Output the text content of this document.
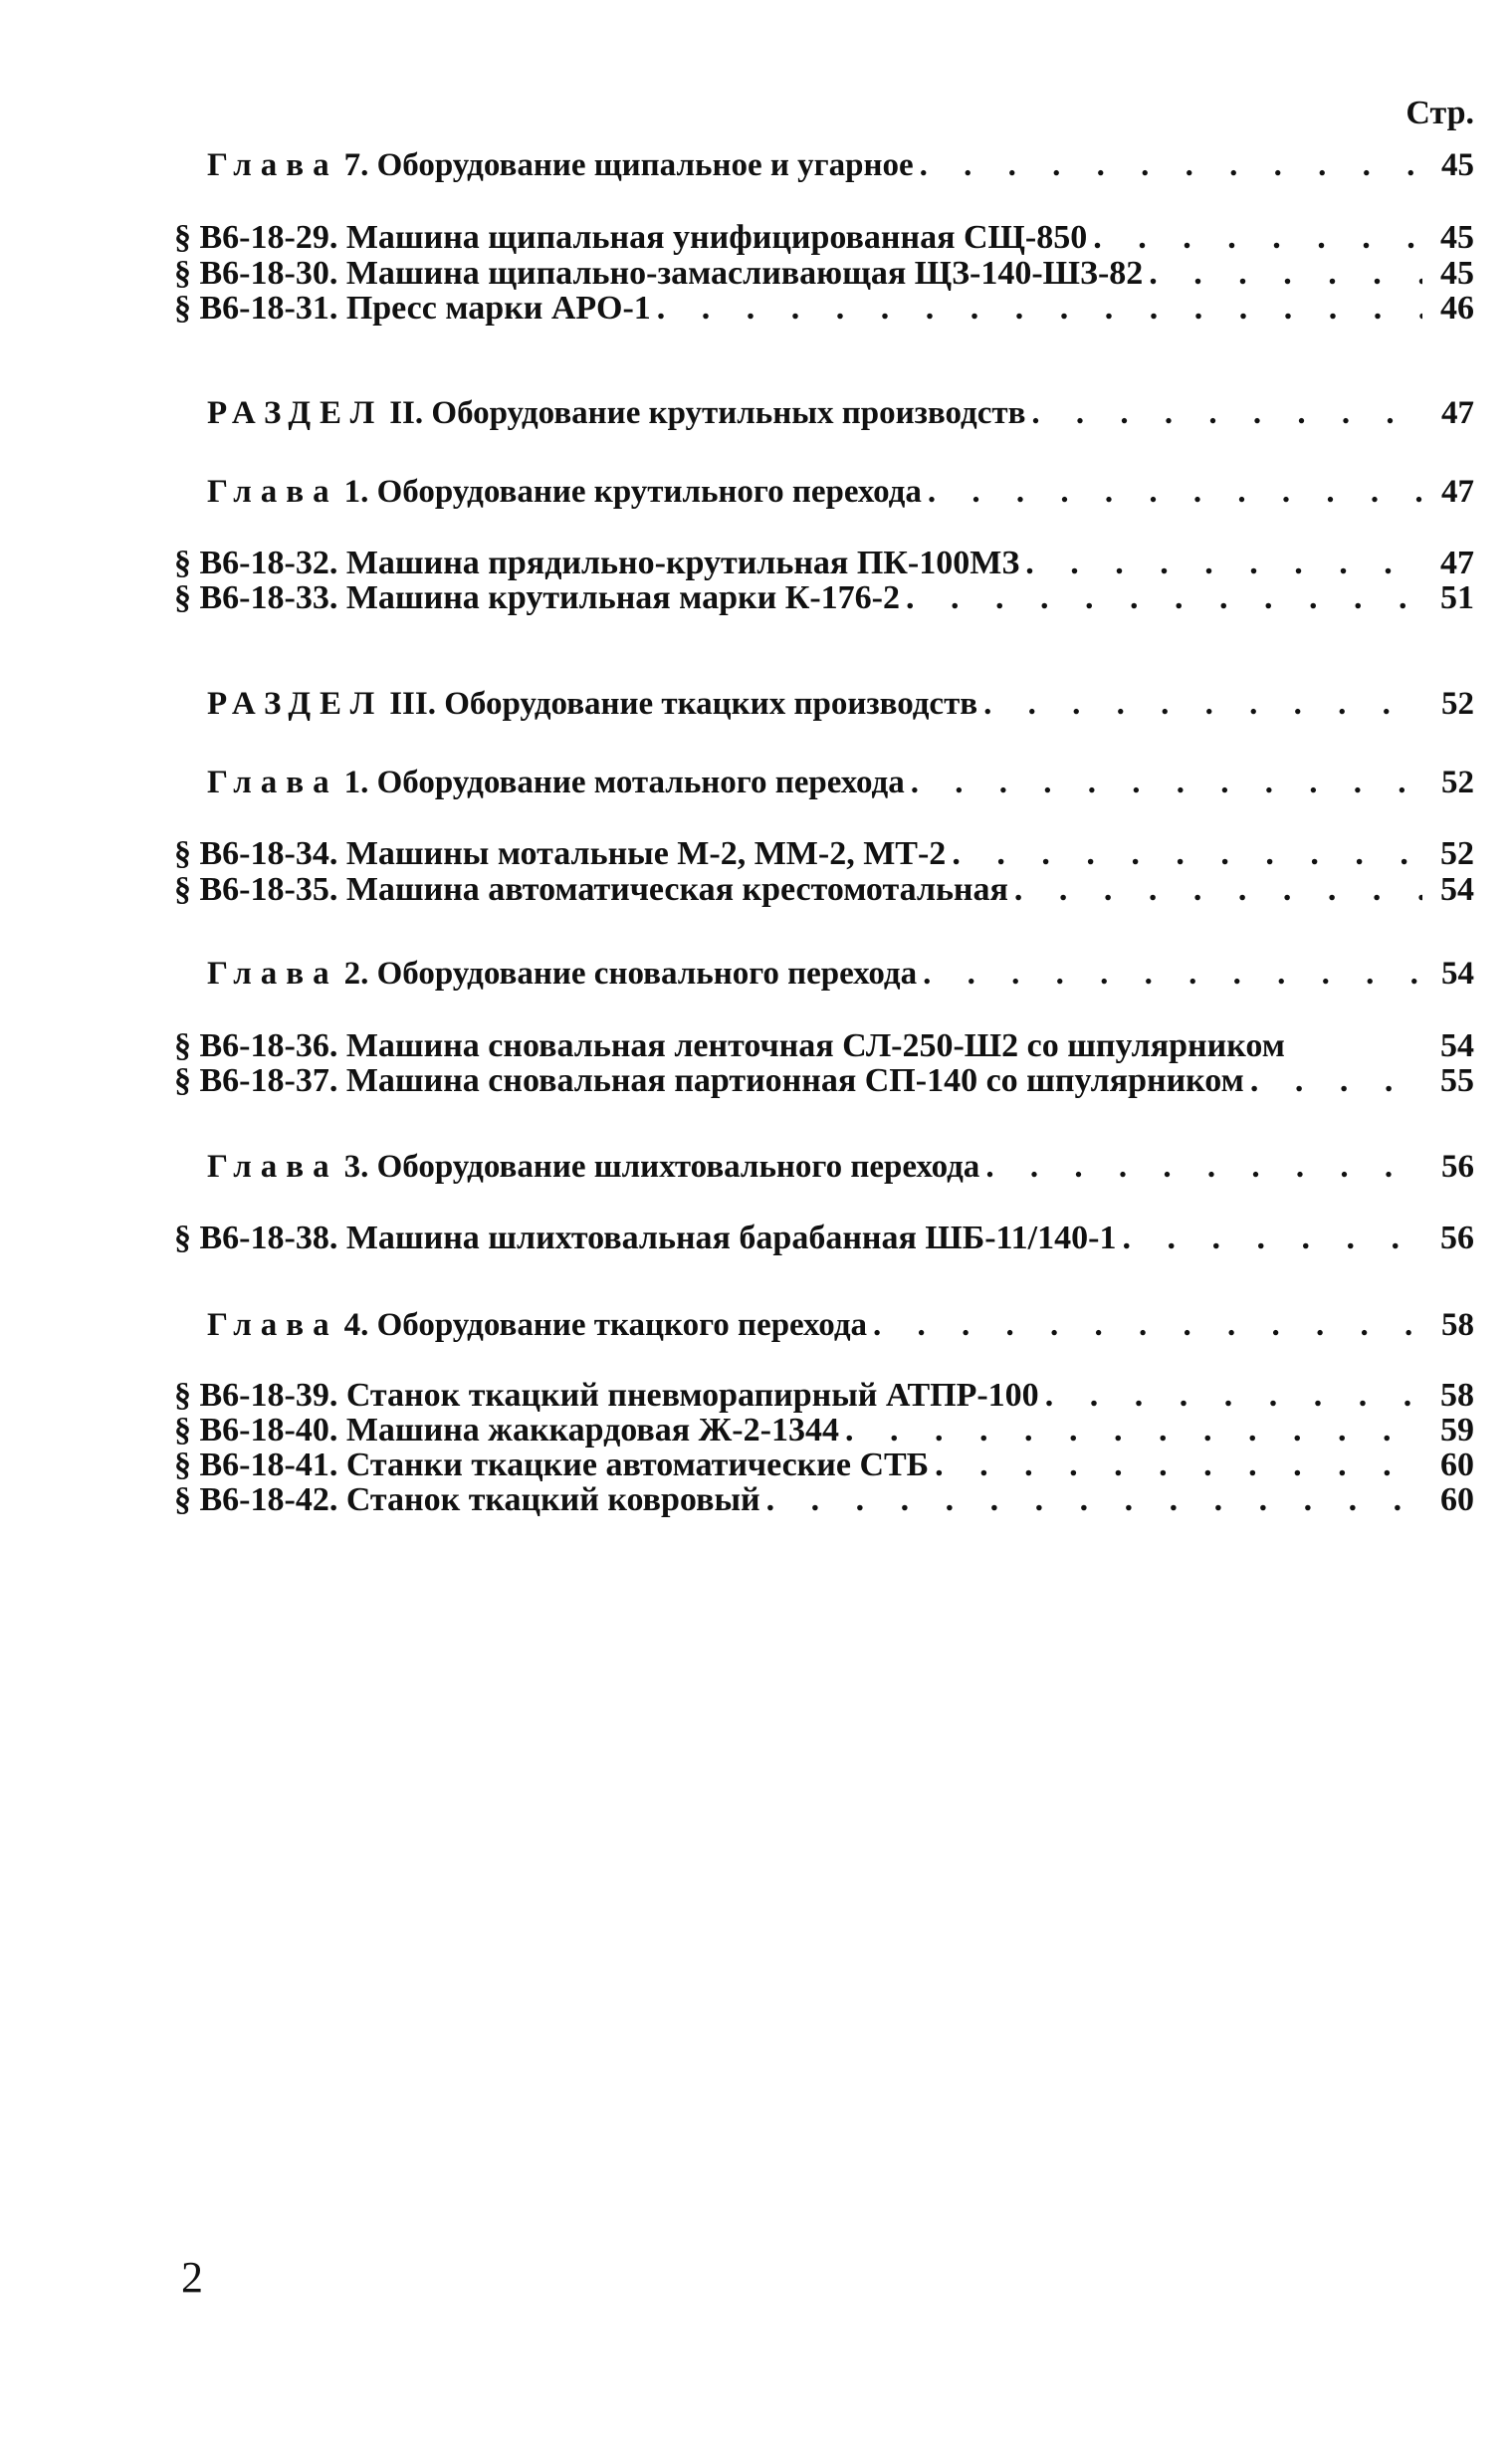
Стр.
Глава 7. Оборудование щипальное и угарное . . .	45
§ В6-18-29. Машина щипальная унифицированная СЩ-850 . . .	45
§ В6-18-30. Машина щипально-замасливающая ЩЗ-140-ШЗ-82 . . .	45
§ В6-18-31. Пресс марки АРО-1 . . .	46
РАЗДЕЛ II. Оборудование крутильных производств . . .	47
Глава 1. Оборудование крутильного перехода . . .	47
§ В6-18-32. Машина прядильно-крутильная ПК-100МЗ . . .	47
§ В6-18-33. Машина крутильная марки К-176-2 . . .	51
РАЗДЕЛ III. Оборудование ткацких производств . . .	52
Глава 1. Оборудование мотального перехода . . .	52
§ В6-18-34. Машины мотальные М-2, ММ-2, МТ-2 . . .	52
§ В6-18-35. Машина автоматическая крестомотальная . . .	54
Глава 2. Оборудование сновального перехода . . .	54
§ В6-18-36. Машина сновальная ленточная СЛ-250-Ш2 со шпулярником	54
§ В6-18-37. Машина сновальная партионная СП-140 со шпулярником . . .	55
Глава 3. Оборудование шлихтовального перехода . . .	56
§ В6-18-38. Машина шлихтовальная барабанная ШБ-11/140-1 . . .	56
Глава 4. Оборудование ткацкого перехода . . .	58
§ В6-18-39. Станок ткацкий пневморапирный АТПР-100 . . .	58
§ В6-18-40. Машина жаккардовая Ж-2-1344 . . .	59
§ В6-18-41. Станки ткацкие автоматические СТБ . . .	60
§ В6-18-42. Станок ткацкий ковровый . . .	60
2
